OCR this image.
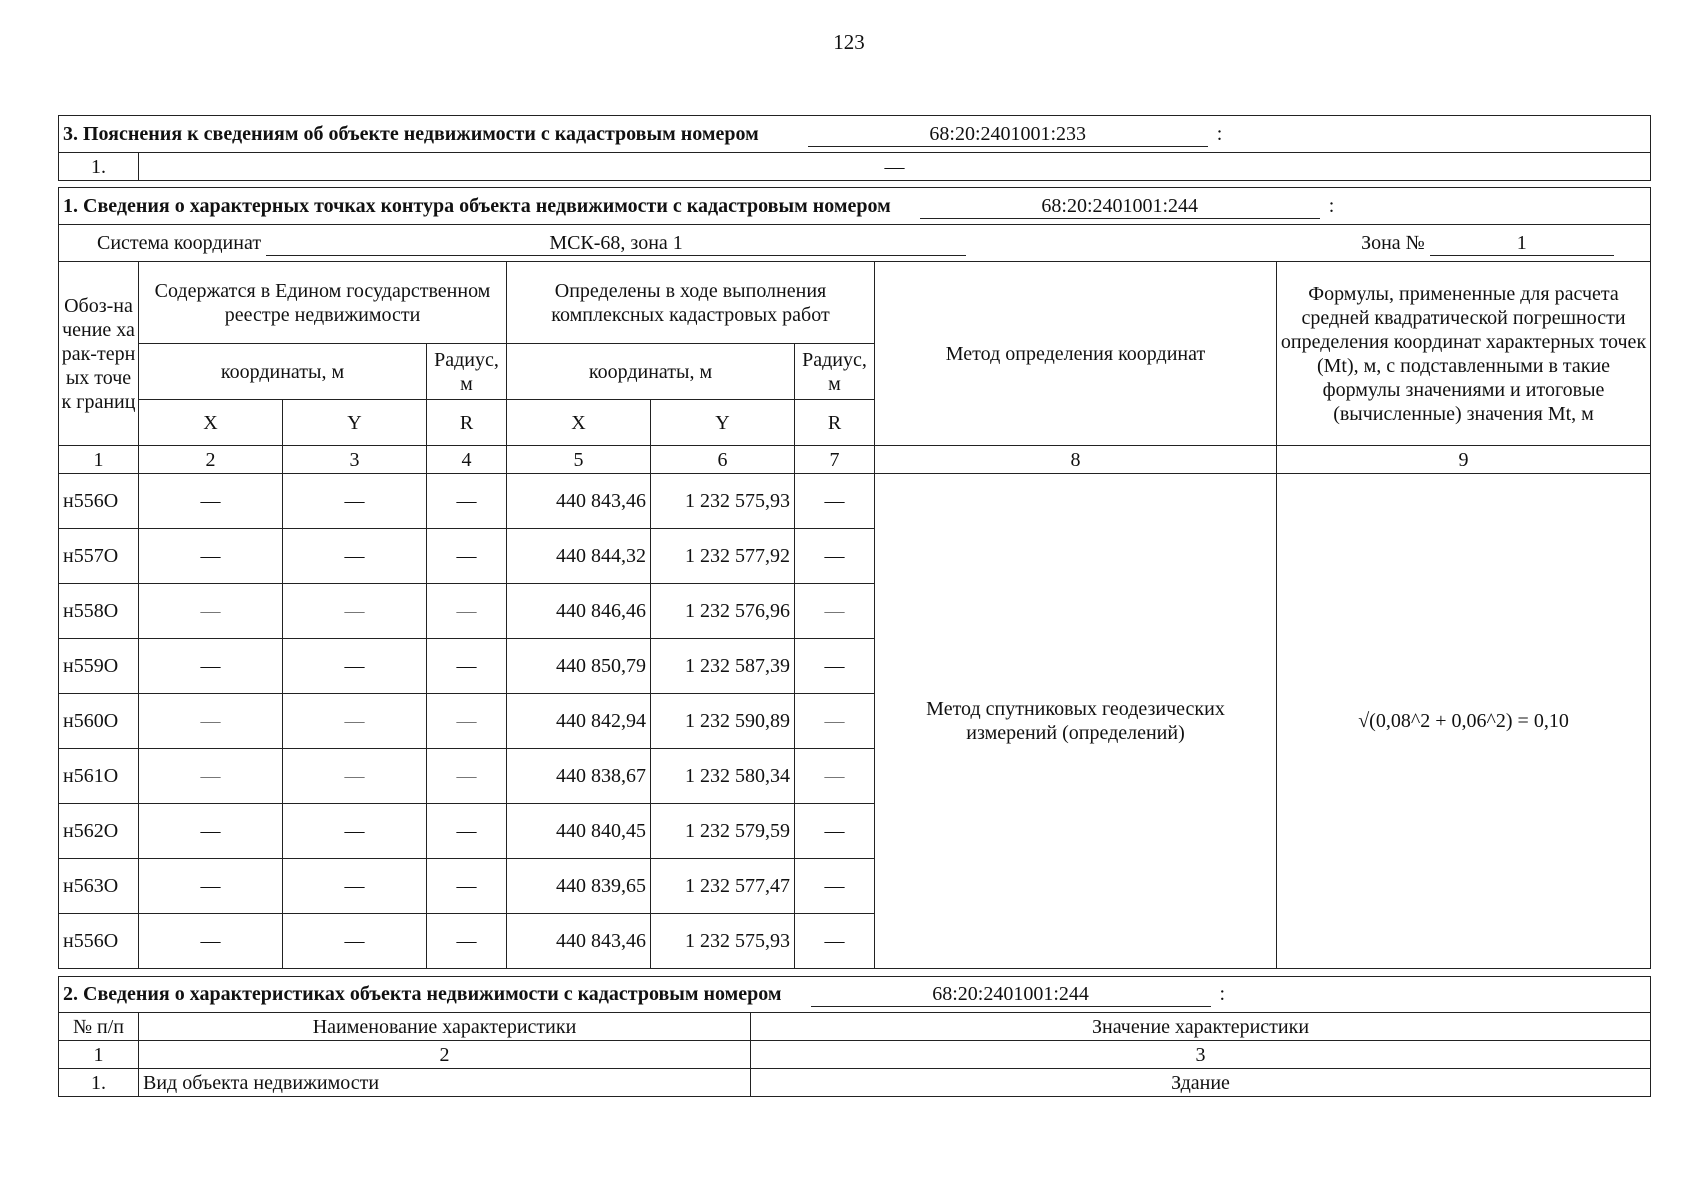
123
3. Пояснения к сведениям об объекте недвижимости с кадастровым номером	68:20:2401001:233	:
1.	—
1. Сведения о характерных точках контура объекта недвижимости с кадастровым номером 68:20:2401001:244 :								
Система координат МСК-68, зона 1 Зона № 1								
Обоз-начение харак-терных точек границ	Содержатся в Едином государственном реестре недвижимости			Определены в ходе выполнения комплексных кадастровых работ			Метод определения координат	Формулы, примененные для расчета средней квадратической погрешности определения координат характерных точек (Mt), м, с подставленными в такие формулы значениями и итоговые (вычисленные) значения Mt, м
	координаты, м		Радиус, м	координаты, м		Радиус, м		
	X	Y	R	X	Y	R		
1	2	3	4	5	6	7	8	9
н556О	—	—	—	440 843,46	1 232 575,93	—	Метод спутниковых геодезических измерений (определений)	√(0,08^2 + 0,06^2) = 0,10
н557О	—	—	—	440 844,32	1 232 577,92	—		
н558О	—	—	—	440 846,46	1 232 576,96	—		
н559О	—	—	—	440 850,79	1 232 587,39	—		
н560О	—	—	—	440 842,94	1 232 590,89	—		
н561О	—	—	—	440 838,67	1 232 580,34	—		
н562О	—	—	—	440 840,45	1 232 579,59	—		
н563О	—	—	—	440 839,65	1 232 577,47	—		
н556О	—	—	—	440 843,46	1 232 575,93	—		
2. Сведения о характеристиках объекта недвижимости с кадастровым номером 68:20:2401001:244 :		
№ п/п	Наименование характеристики	Значение характеристики
1	2	3
1.	Вид объекта недвижимости	Здание
